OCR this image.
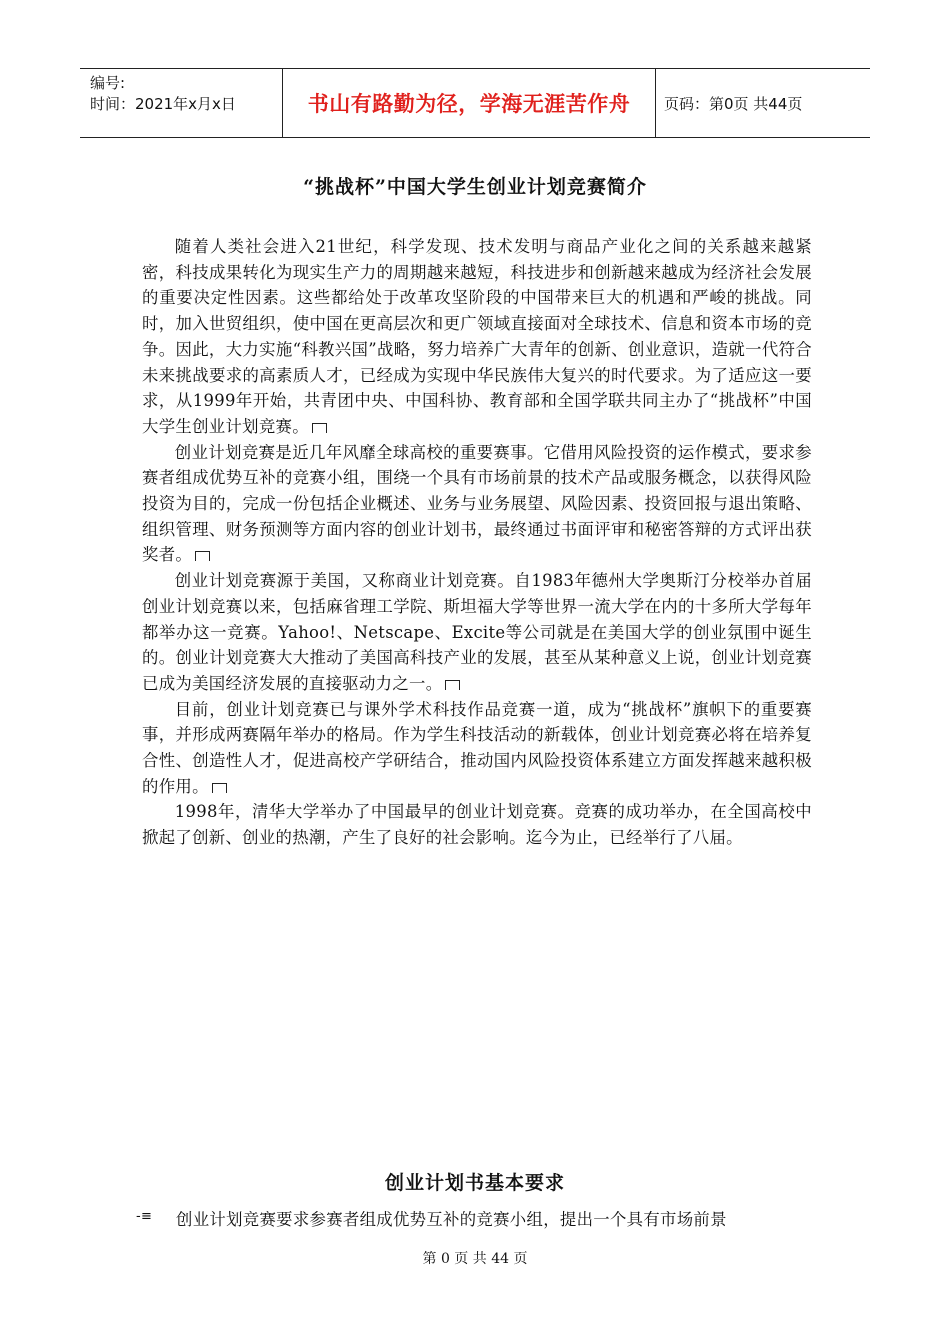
编号:
时间：2021年x月x日	书山有路勤为径，学海无涯苦作舟	页码：第0页 共44页
“挑战杯”中国大学生创业计划竞赛简介

随着人类社会进入21世纪，科学发现、技术发明与商品产业化之间的关系越来越紧密，科技成果转化为现实生产力的周期越来越短，科技进步和创新越来越成为经济社会发展的重要决定性因素。这些都给处于改革攻坚阶段的中国带来巨大的机遇和严峻的挑战。同时，加入世贸组织，使中国在更高层次和更广领域直接面对全球技术、信息和资本市场的竞争。因此，大力实施“科教兴国”战略，努力培养广大青年的创新、创业意识，造就一代符合未来挑战要求的高素质人才，已经成为实现中华民族伟大复兴的时代要求。为了适应这一要求，从1999年开始，共青团中央、中国科协、教育部和全国学联共同主办了“挑战杯”中国大学生创业计划竞赛。

创业计划竞赛是近几年风靡全球高校的重要赛事。它借用风险投资的运作模式，要求参赛者组成优势互补的竞赛小组，围绕一个具有市场前景的技术产品或服务概念，以获得风险投资为目的，完成一份包括企业概述、业务与业务展望、风险因素、投资回报与退出策略、组织管理、财务预测等方面内容的创业计划书，最终通过书面评审和秘密答辩的方式评出获奖者。

创业计划竞赛源于美国，又称商业计划竞赛。自1983年德州大学奥斯汀分校举办首届创业计划竞赛以来，包括麻省理工学院、斯坦福大学等世界一流大学在内的十多所大学每年都举办这一竞赛。Yahoo!、Netscape、Excite等公司就是在美国大学的创业氛围中诞生的。创业计划竞赛大大推动了美国高科技产业的发展，甚至从某种意义上说，创业计划竞赛已成为美国经济发展的直接驱动力之一。

目前，创业计划竞赛已与课外学术科技作品竞赛一道，成为“挑战杯”旗帜下的重要赛事，并形成两赛隔年举办的格局。作为学生科技活动的新载体，创业计划竞赛必将在培养复合性、创造性人才，促进高校产学研结合，推动国内风险投资体系建立方面发挥越来越积极的作用。

1998年，清华大学举办了中国最早的创业计划竞赛。竞赛的成功举办，在全国高校中掀起了创新、创业的热潮，产生了良好的社会影响。迄今为止，已经举行了八届。

创业计划书基本要求
-≡ 创业计划竞赛要求参赛者组成优势互补的竞赛小组，提出一个具有市场前景
第 0 页 共 44 页
